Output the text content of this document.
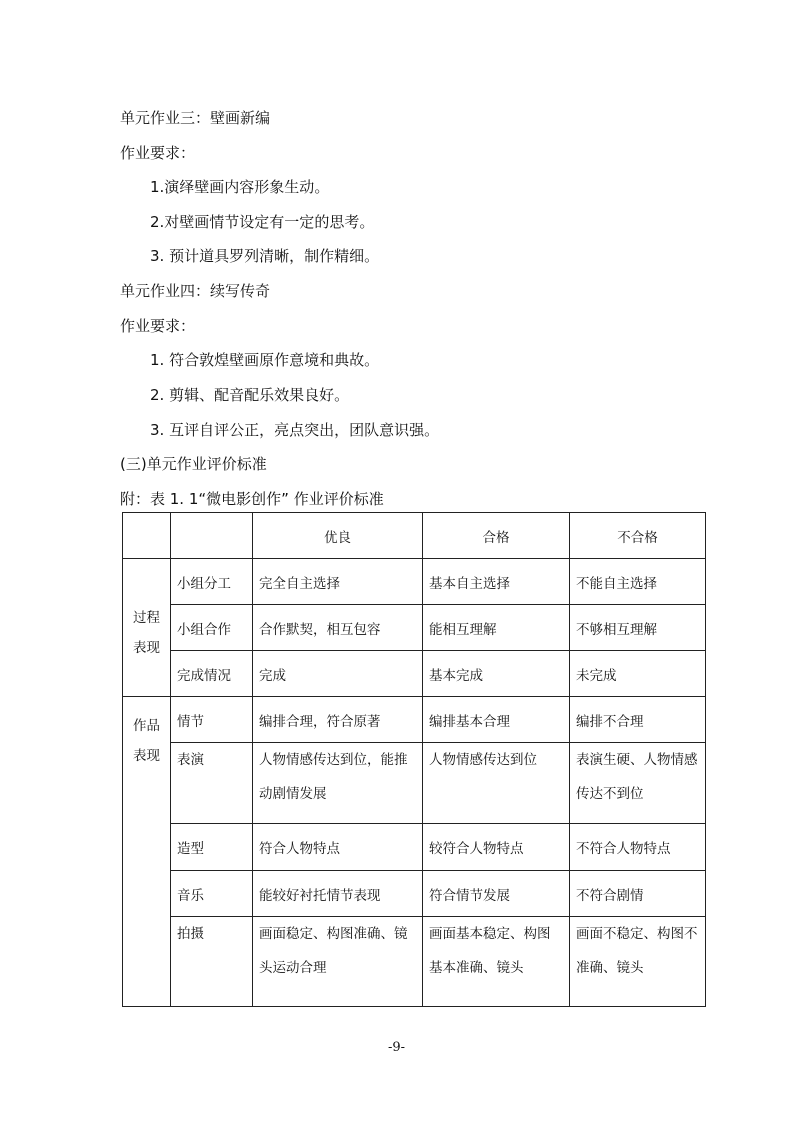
单元作业三：壁画新编
作业要求：
1.演绎壁画内容形象生动。
2.对壁画情节设定有一定的思考。
3. 预计道具罗列清晰，制作精细。
单元作业四：续写传奇
作业要求：
1. 符合敦煌壁画原作意境和典故。
2. 剪辑、配音配乐效果良好。
3. 互评自评公正，亮点突出，团队意识强。
(三)单元作业评价标准
附：表 1. 1“微电影创作” 作业评价标准
		优良	合格	不合格
过程表现	小组分工	完全自主选择	基本自主选择	不能自主选择
	小组合作	合作默契，相互包容	能相互理解	不够相互理解
	完成情况	完成	基本完成	未完成
作品表现	情节	编排合理，符合原著	编排基本合理	编排不合理
	表演	人物情感传达到位，能推动剧情发展	人物情感传达到位	表演生硬、人物情感传达不到位
	造型	符合人物特点	较符合人物特点	不符合人物特点
	音乐	能较好衬托情节表现	符合情节发展	不符合剧情
	拍摄	画面稳定、构图准确、镜头运动合理	画面基本稳定、构图基本准确、镜头	画面不稳定、构图不准确、镜头
-9-
